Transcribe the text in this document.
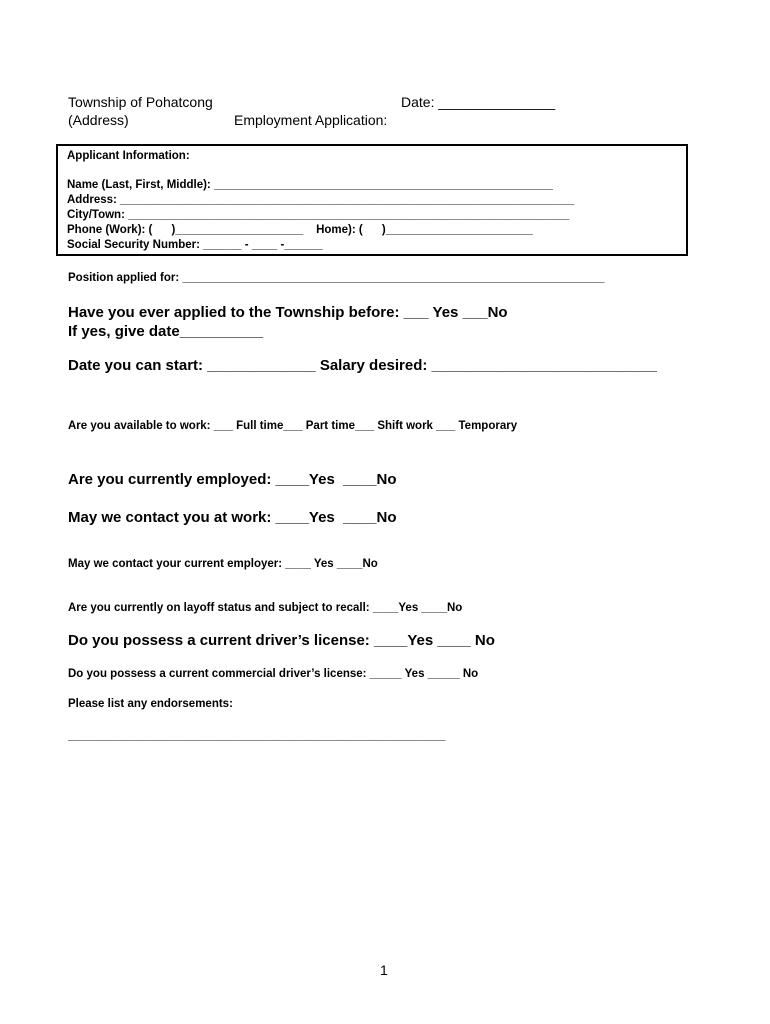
Township of Pohatcong	Date: _______________
(Address)	Employment Application:
Applicant Information:
Name (Last, First, Middle): _____________________________________________________
Address: _______________________________________________________________________
City/Town: _____________________________________________________________________
Phone (Work): (      )____________________    Home): (      )_______________________
Social Security Number: ______ - ____ -______
Position applied for: __________________________________________________________________
Have you ever applied to the Township before: ___ Yes ___No
If yes, give date__________
Date you can start: _____________ Salary desired: ___________________________
Are you available to work: ___ Full time___ Part time___ Shift work ___ Temporary
Are you currently employed: ____Yes  ____No
May we contact you at work: ____Yes  ____No
May we contact your current employer: ____ Yes ____No
Are you currently on layoff status and subject to recall: ____Yes ____No
Do you possess a current driver’s license: ____Yes ____ No
Do you possess a current commercial driver’s license: _____ Yes _____ No
Please list any endorsements:
___________________________________________________________
1
